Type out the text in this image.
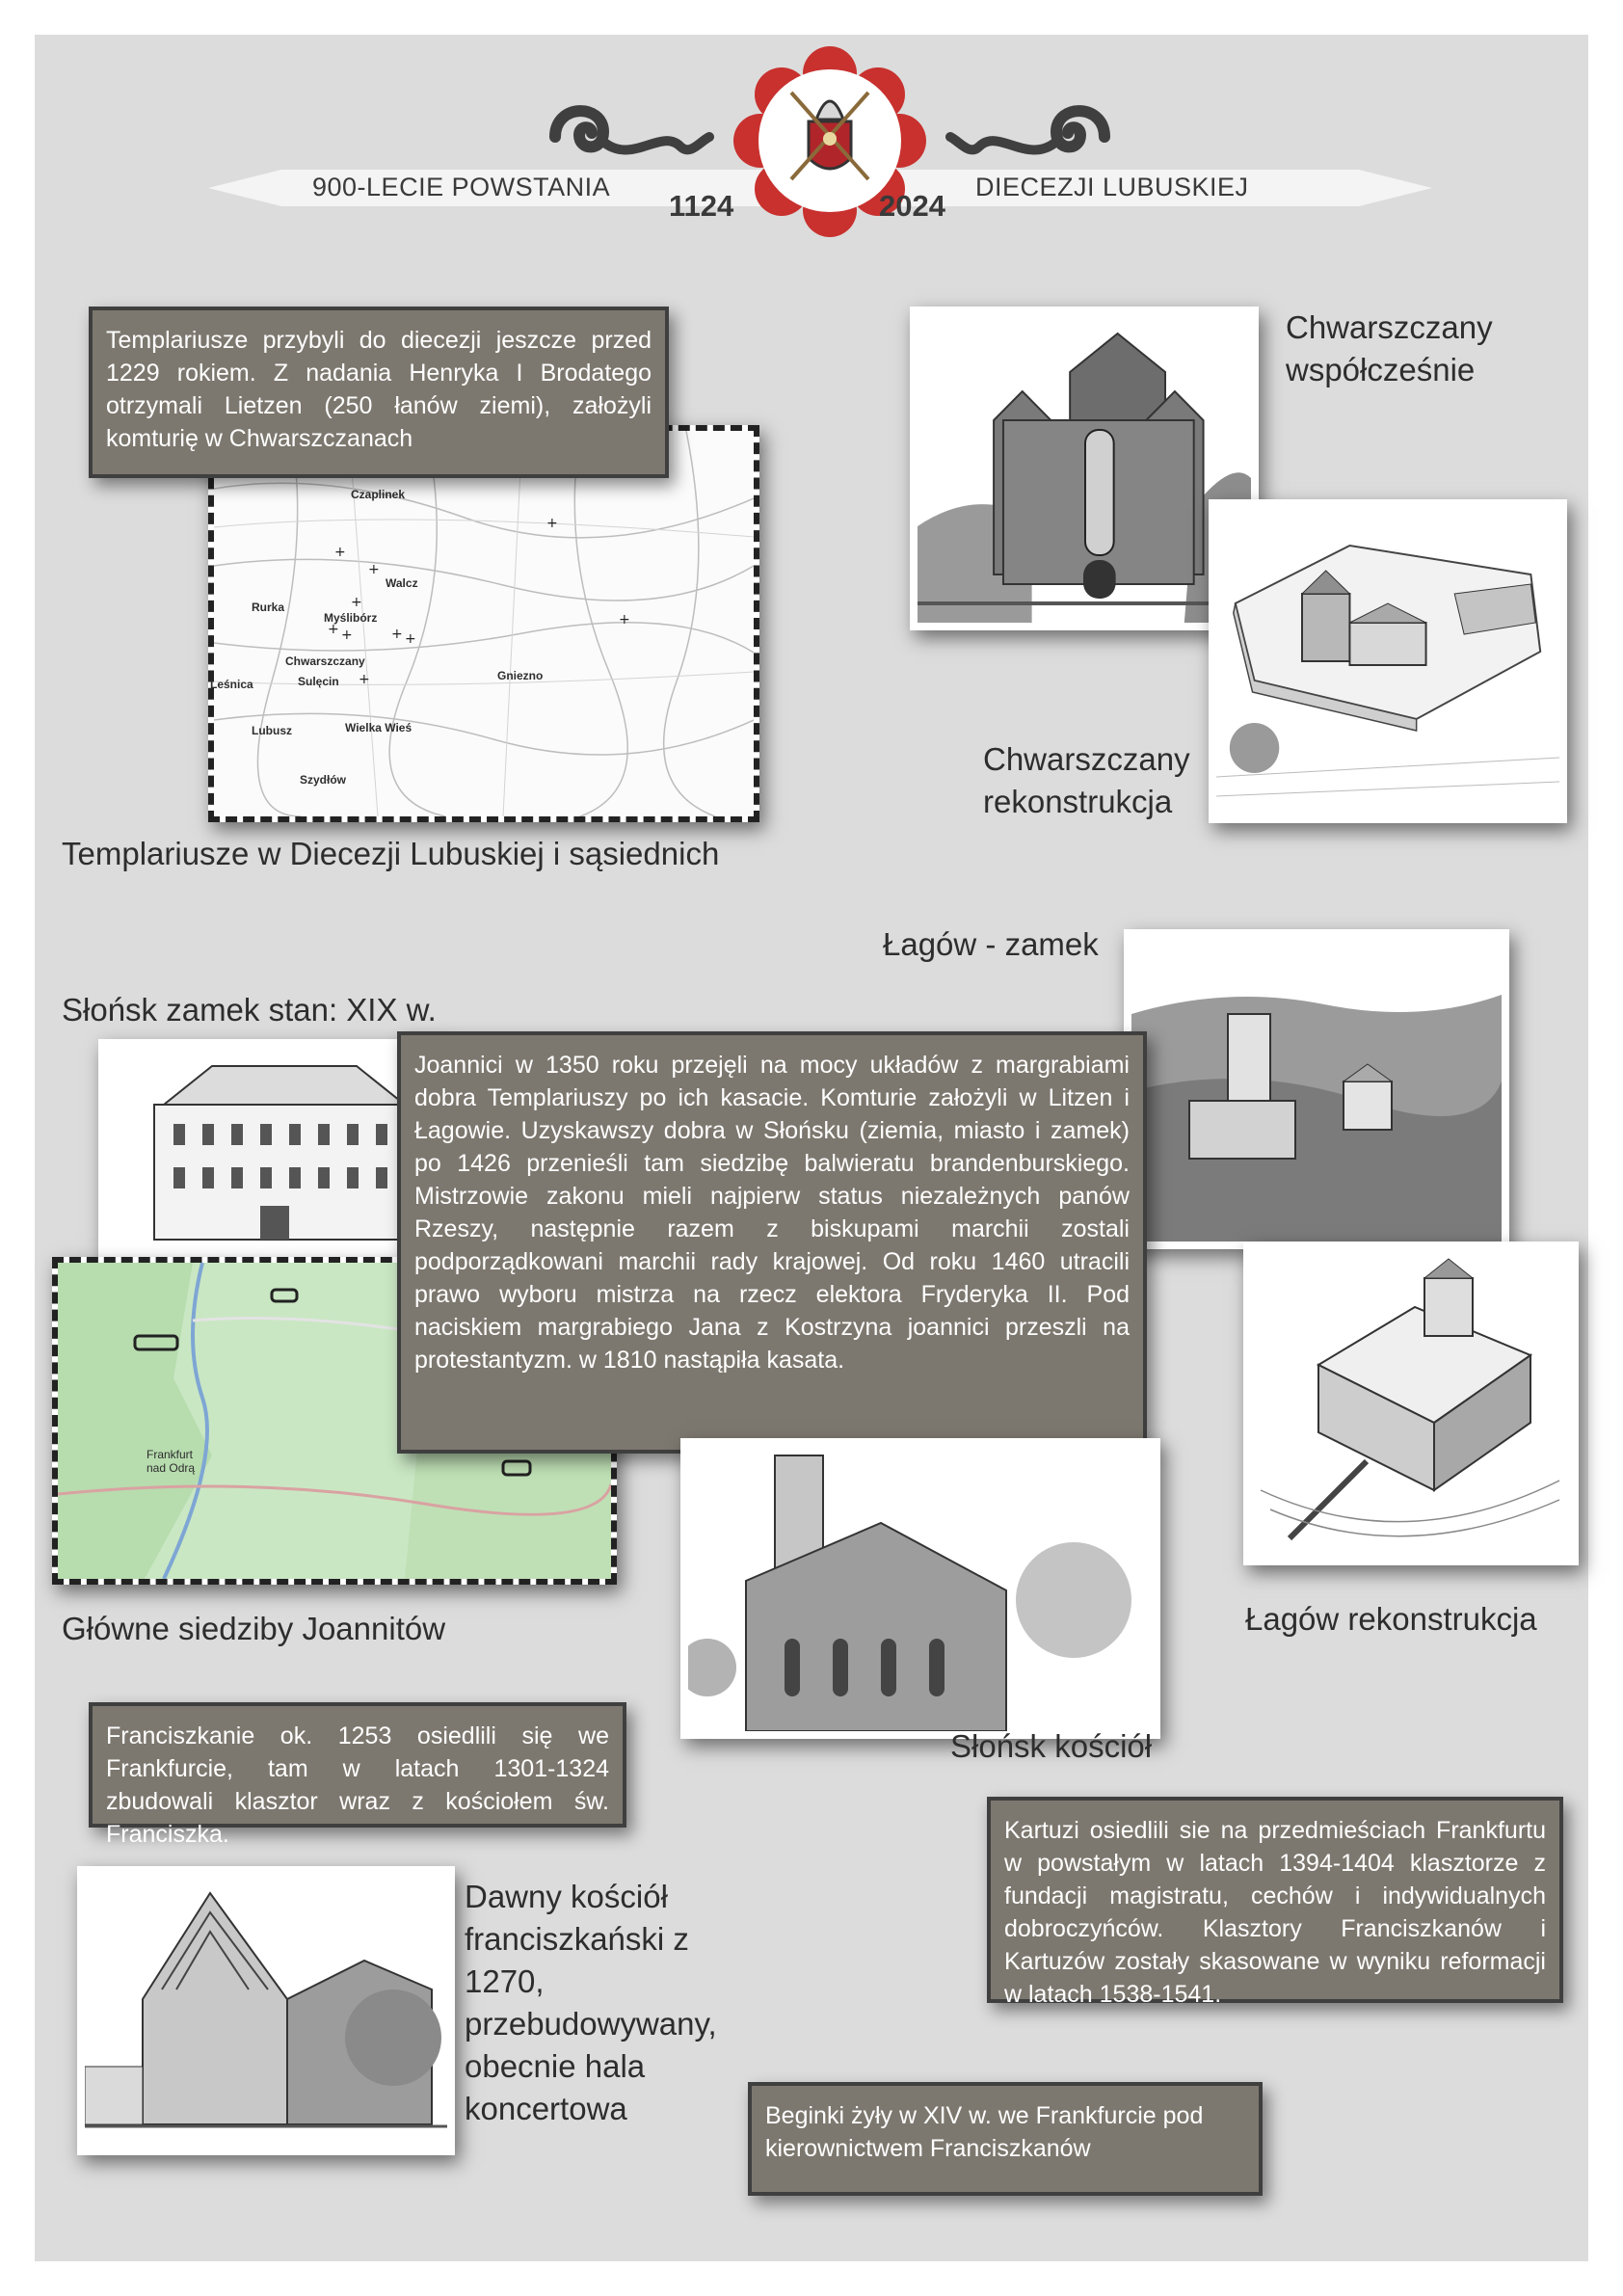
900-LECIE POWSTANIA
1124	2024
DIECEZJI LUBUSKIEJ
+
+
+
+
+ +	+ +
+
+
Czaplinek
Walcz
Rurka
Myślibórz
Chwarszczany
Sulęcin
Leśnica
Lubusz	Wielka Wieś
Gniezno
Szydłów
Templariusze przybyli do diecezji jeszcze przed 1229 rokiem. Z nadania Henryka I Brodatego otrzymali Lietzen (250 łanów ziemi), założyli komturię w Chwarszczanach
Templariusze w Diecezji Lubuskiej i sąsiednich
Chwarszczany współcześnie
Chwarszczany rekonstrukcja
Łagów - zamek
Słońsk zamek stan: XIX w.
Frankfurt nad Odrą
Joannici w 1350 roku przejęli na mocy układów z margrabiami dobra Templariuszy po ich kasacie. Komturie założyli w Litzen i Łagowie. Uzyskawszy dobra w Słońsku (ziemia, miasto i zamek) po 1426 przenieśli tam siedzibę balwieratu brandenburskiego. Mistrzowie zakonu mieli najpierw status niezależnych panów Rzeszy, następnie razem z biskupami marchii zostali podporządkowani marchii rady krajowej. Od roku 1460 utracili prawo wyboru mistrza na rzecz elektora Fryderyka II. Pod naciskiem margrabiego Jana z Kostrzyna joannici przeszli na protestantyzm. w 1810 nastąpiła kasata.
Główne siedziby Joannitów	Łagów rekonstrukcja
Słońsk kościół
Franciszkanie ok. 1253 osiedlili się we Frankfurcie, tam w latach 1301-1324 zbudowali klasztor wraz z kościołem św. Franciszka.
Dawny kościół franciszkański z 1270, przebudowywany, obecnie hala koncertowa
Kartuzi osiedlili sie na przedmieściach Frankfurtu w powstałym w latach 1394-1404 klasztorze z fundacji magistratu, cechów i indywidualnych dobroczyńców. Klasztory Franciszkanów i Kartuzów zostały skasowane w wyniku reformacji w latach 1538-1541.
Beginki żyły w XIV w. we Frankfurcie pod kierownictwem Franciszkanów
